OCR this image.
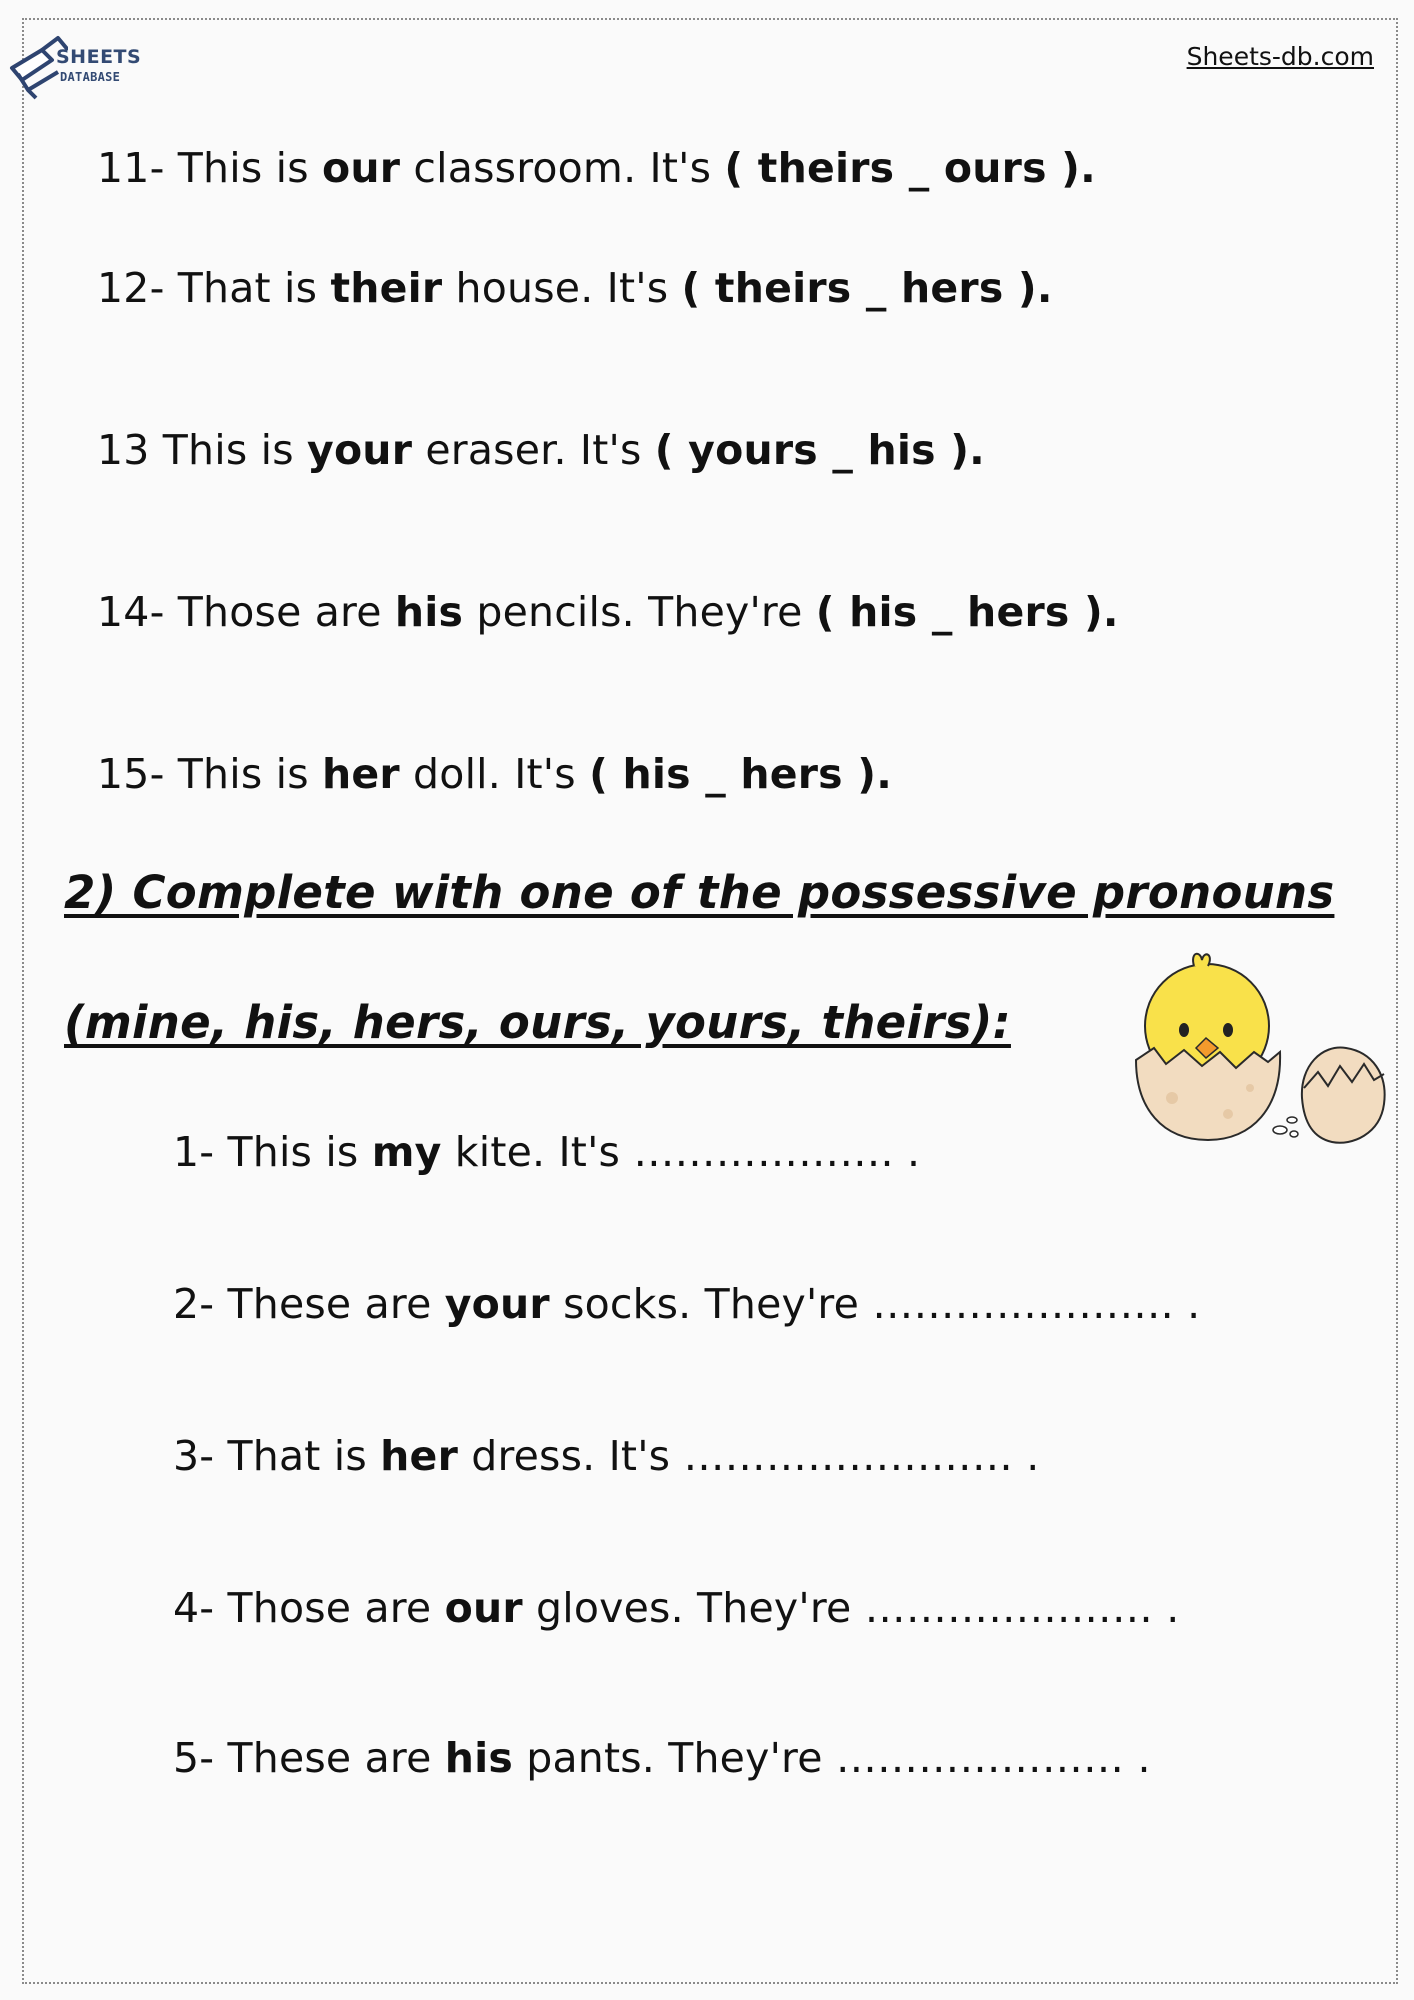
SHEETS
DATABASE
Sheets-db.com
11- This is our classroom. It's ( theirs _ ours ).
12- That is their house. It's ( theirs _ hers ).
13 This is your eraser. It's ( yours _ his ).
14- Those are his pencils. They're ( his _ hers ).
15- This is her doll. It's ( his _ hers ).
2) Complete with one of the possessive pronouns
(mine, his, hers, ours, yours, theirs):
1- This is my kite. It's ………………. .
2- These are your socks. They're …………………. .
3- That is her dress. It's …………………… .
4- Those are our gloves. They're ………………… .
5- These are his pants. They're ………………… .
